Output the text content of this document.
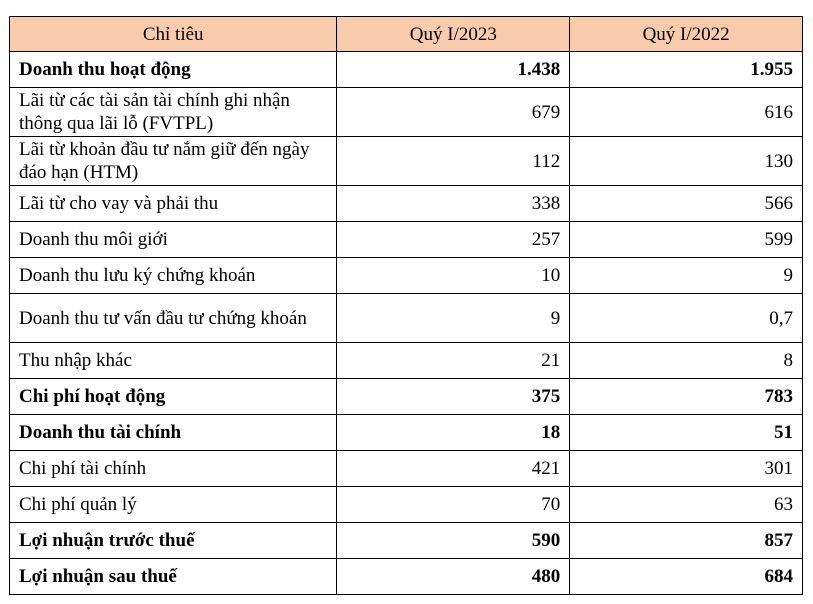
Chỉ tiêu	Quý I/2023	Quý I/2022
Doanh thu hoạt động	1.438	1.955
Lãi từ các tài sản tài chính ghi nhận thông qua lãi lỗ (FVTPL)	679	616
Lãi từ khoản đầu tư nắm giữ đến ngày đáo hạn (HTM)	112	130
Lãi từ cho vay và phải thu	338	566
Doanh thu môi giới	257	599
Doanh thu lưu ký chứng khoán	10	9
Doanh thu tư vấn đầu tư chứng khoán	9	0,7
Thu nhập khác	21	8
Chi phí hoạt động	375	783
Doanh thu tài chính	18	51
Chi phí tài chính	421	301
Chi phí quản lý	70	63
Lợi nhuận trước thuế	590	857
Lợi nhuận sau thuế	480	684
